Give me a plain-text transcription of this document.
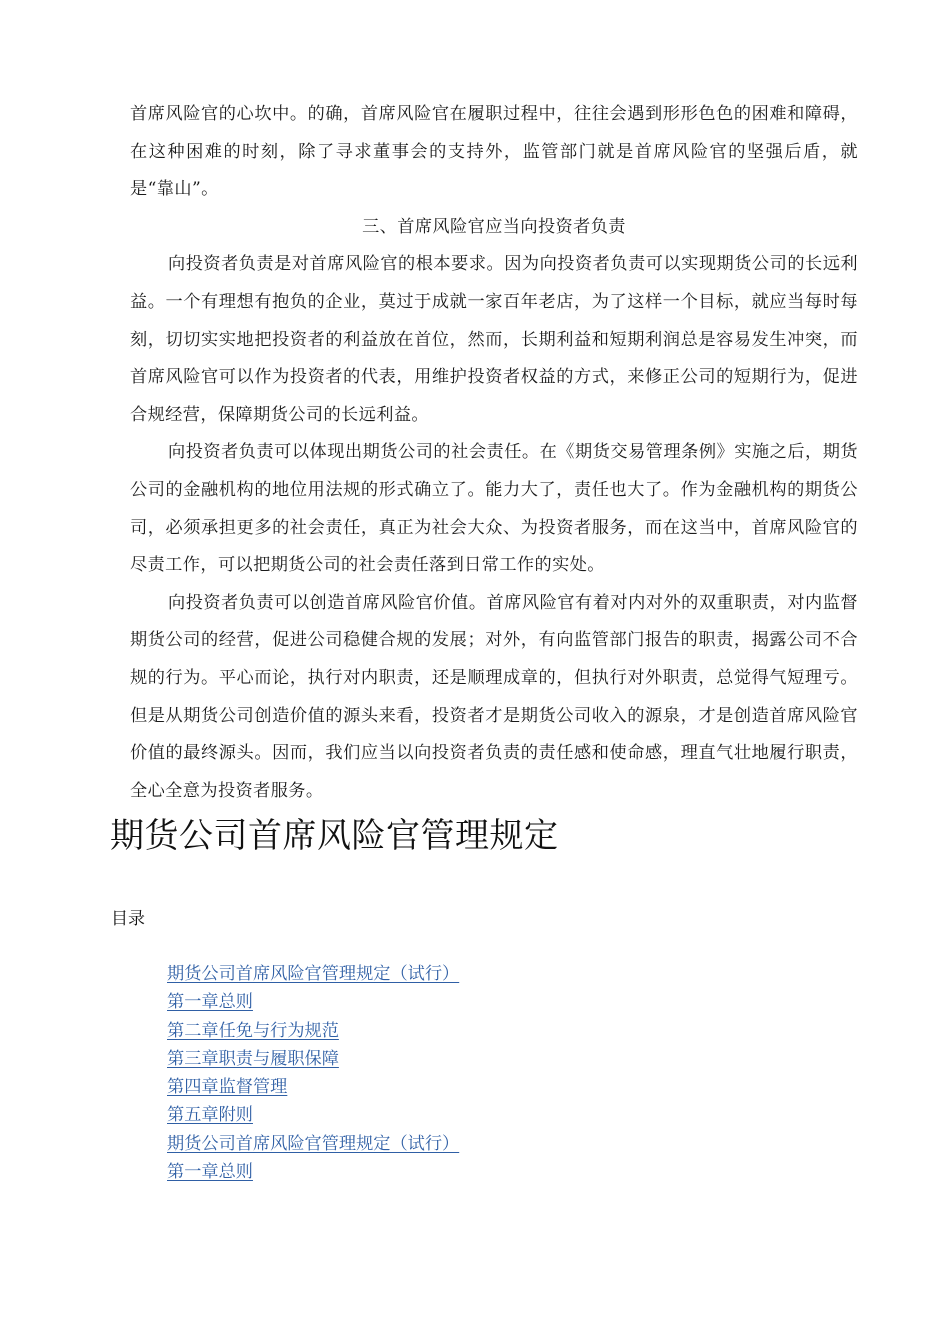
首席风险官的心坎中。的确，首席风险官在履职过程中，往往会遇到形形色色的困难和障碍，在这种困难的时刻，除了寻求董事会的支持外，监管部门就是首席风险官的坚强后盾，就是“靠山”。

三、首席风险官应当向投资者负责

向投资者负责是对首席风险官的根本要求。因为向投资者负责可以实现期货公司的长远利益。一个有理想有抱负的企业，莫过于成就一家百年老店，为了这样一个目标，就应当每时每刻，切切实实地把投资者的利益放在首位，然而，长期利益和短期利润总是容易发生冲突，而首席风险官可以作为投资者的代表，用维护投资者权益的方式，来修正公司的短期行为，促进合规经营，保障期货公司的长远利益。

向投资者负责可以体现出期货公司的社会责任。在《期货交易管理条例》实施之后，期货公司的金融机构的地位用法规的形式确立了。能力大了，责任也大了。作为金融机构的期货公司，必须承担更多的社会责任，真正为社会大众、为投资者服务，而在这当中，首席风险官的尽责工作，可以把期货公司的社会责任落到日常工作的实处。

向投资者负责可以创造首席风险官价值。首席风险官有着对内对外的双重职责，对内监督期货公司的经营，促进公司稳健合规的发展；对外，有向监管部门报告的职责，揭露公司不合规的行为。平心而论，执行对内职责，还是顺理成章的，但执行对外职责，总觉得气短理亏。但是从期货公司创造价值的源头来看，投资者才是期货公司收入的源泉，才是创造首席风险官价值的最终源头。因而，我们应当以向投资者负责的责任感和使命感，理直气壮地履行职责，全心全意为投资者服务。

期货公司首席风险官管理规定
目录
期货公司首席风险官管理规定（试行）
第一章总则
第二章任免与行为规范
第三章职责与履职保障
第四章监督管理
第五章附则
期货公司首席风险官管理规定（试行）
第一章总则
